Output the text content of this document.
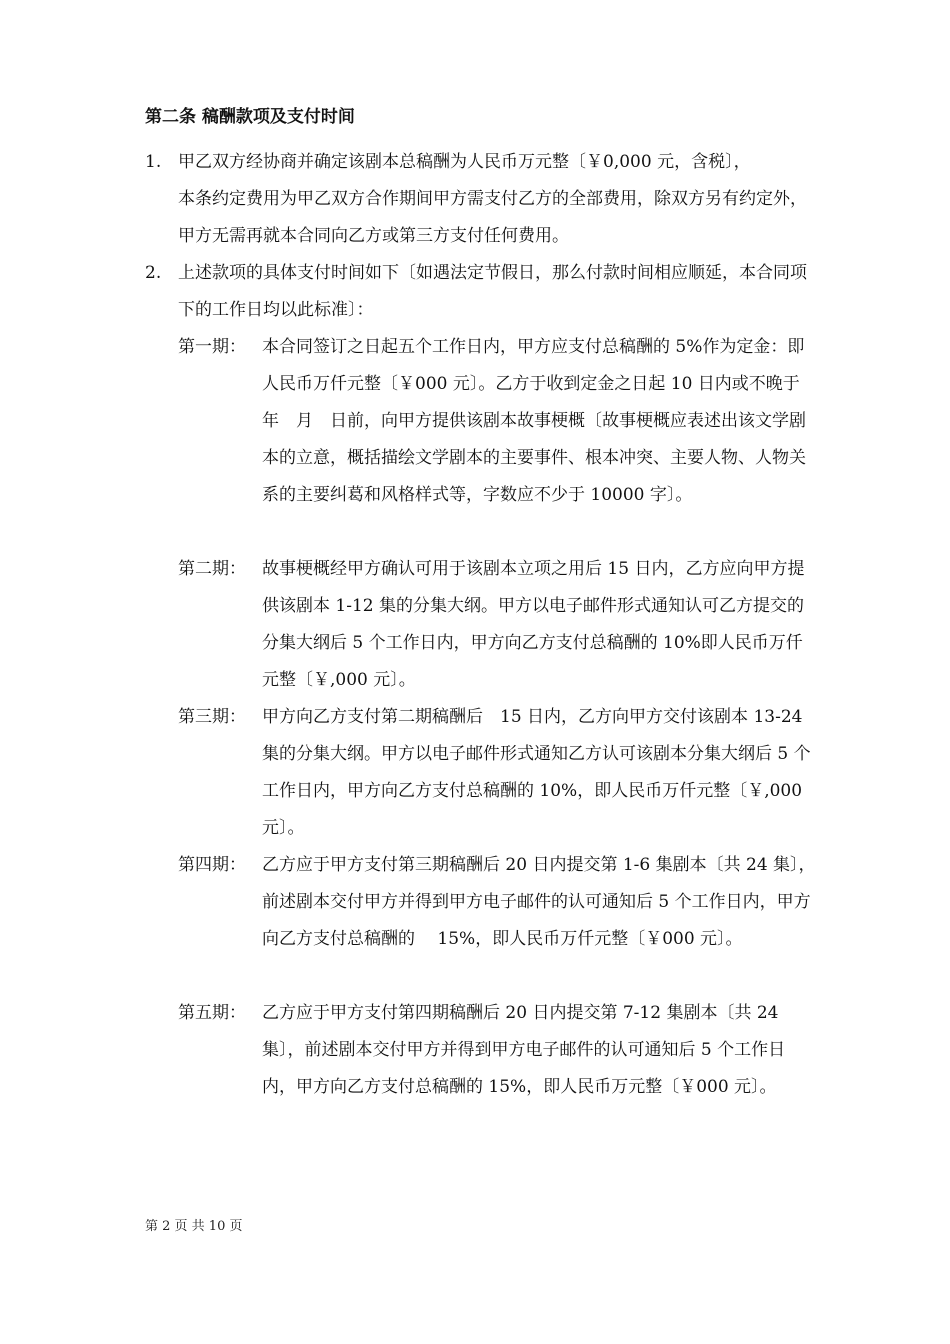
第二条 稿酬款项及支付时间
1. 甲乙双方经协商并确定该剧本总稿酬为人民币万元整〔￥0,000 元，含税〕，

本条约定费用为甲乙双方合作期间甲方需支付乙方的全部费用，除双方另有约定外，甲方无需再就本合同向乙方或第三方支付任何费用。

2. 上述款项的具体支付时间如下〔如遇法定节假日，那么付款时间相应顺延，本合同项下的工作日均以此标准〕：

第一期： 本合同签订之日起五个工作日内，甲方应支付总稿酬的 5%作为定金：即人民币万仟元整〔￥000 元〕。乙方于收到定金之日起 10 日内或不晚于　　年　月　日前，向甲方提供该剧本故事梗概〔故事梗概应表述出该文学剧本的立意，概括描绘文学剧本的主要事件、根本冲突、主要人物、人物关系的主要纠葛和风格样式等，字数应不少于 10000 字〕。

第二期： 故事梗概经甲方确认可用于该剧本立项之用后 15 日内，乙方应向甲方提供该剧本 1-12 集的分集大纲。甲方以电子邮件形式通知认可乙方提交的分集大纲后 5 个工作日内，甲方向乙方支付总稿酬的 10%即人民币万仟元整〔￥,000 元〕。

第三期： 甲方向乙方支付第二期稿酬后　15 日内，乙方向甲方交付该剧本 13-24 集的分集大纲。甲方以电子邮件形式通知乙方认可该剧本分集大纲后 5 个工作日内，甲方向乙方支付总稿酬的 10%，即人民币万仟元整〔￥,000 元〕。

第四期： 乙方应于甲方支付第三期稿酬后 20 日内提交第 1-6 集剧本〔共 24 集〕，前述剧本交付甲方并得到甲方电子邮件的认可通知后 5 个工作日内，甲方向乙方支付总稿酬的　 15%，即人民币万仟元整〔￥000 元〕。

第五期： 乙方应于甲方支付第四期稿酬后 20 日内提交第 7-12 集剧本〔共 24 集〕，前述剧本交付甲方并得到甲方电子邮件的认可通知后 5 个工作日内，甲方向乙方支付总稿酬的 15%，即人民币万元整〔￥000 元〕。

第 2 页 共 10 页
